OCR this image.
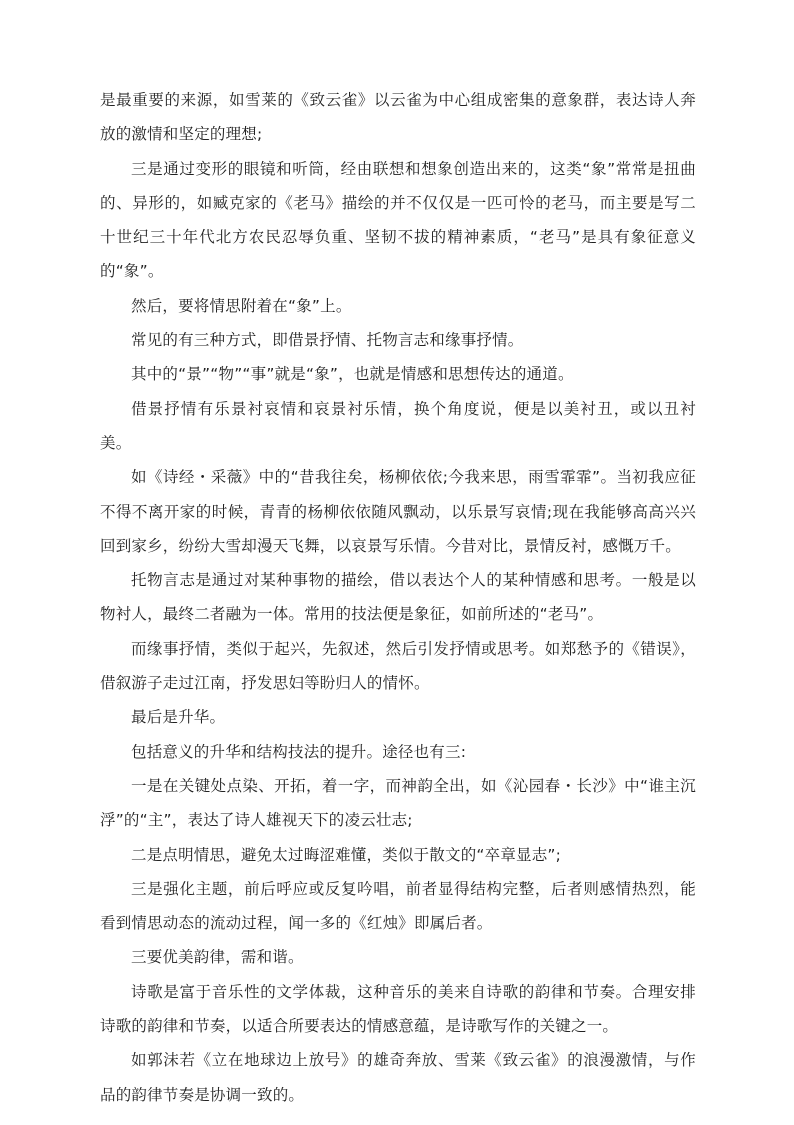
是最重要的来源，如雪莱的《致云雀》以云雀为中心组成密集的意象群，表达诗人奔放的激情和坚定的理想;

三是通过变形的眼镜和听筒，经由联想和想象创造出来的，这类“象”常常是扭曲的、异形的，如臧克家的《老马》描绘的并不仅仅是一匹可怜的老马，而主要是写二十世纪三十年代北方农民忍辱负重、坚韧不拔的精神素质，“老马”是具有象征意义的“象”。

然后，要将情思附着在“象”上。

常见的有三种方式，即借景抒情、托物言志和缘事抒情。

其中的“景”“物”“事”就是“象”，也就是情感和思想传达的通道。

借景抒情有乐景衬哀情和哀景衬乐情，换个角度说，便是以美衬丑，或以丑衬美。

如《诗经・采薇》中的“昔我往矣，杨柳依依;今我来思，雨雪霏霏”。当初我应征不得不离开家的时候，青青的杨柳依依随风飘动，以乐景写哀情;现在我能够高高兴兴回到家乡，纷纷大雪却漫天飞舞，以哀景写乐情。今昔对比，景情反衬，感慨万千。

托物言志是通过对某种事物的描绘，借以表达个人的某种情感和思考。一般是以物衬人，最终二者融为一体。常用的技法便是象征，如前所述的“老马”。

而缘事抒情，类似于起兴，先叙述，然后引发抒情或思考。如郑愁予的《错误》，借叙游子走过江南，抒发思妇等盼归人的情怀。

最后是升华。

包括意义的升华和结构技法的提升。途径也有三:

一是在关键处点染、开拓，着一字，而神韵全出，如《沁园春・长沙》中“谁主沉浮”的“主”，表达了诗人雄视天下的凌云壮志;

二是点明情思，避免太过晦涩难懂，类似于散文的“卒章显志”;

三是强化主题，前后呼应或反复吟唱，前者显得结构完整，后者则感情热烈，能看到情思动态的流动过程，闻一多的《红烛》即属后者。

三要优美韵律，需和谐。

诗歌是富于音乐性的文学体裁，这种音乐的美来自诗歌的韵律和节奏。合理安排诗歌的韵律和节奏，以适合所要表达的情感意蕴，是诗歌写作的关键之一。

如郭沫若《立在地球边上放号》的雄奇奔放、雪莱《致云雀》的浪漫激情，与作品的韵律节奏是协调一致的。
